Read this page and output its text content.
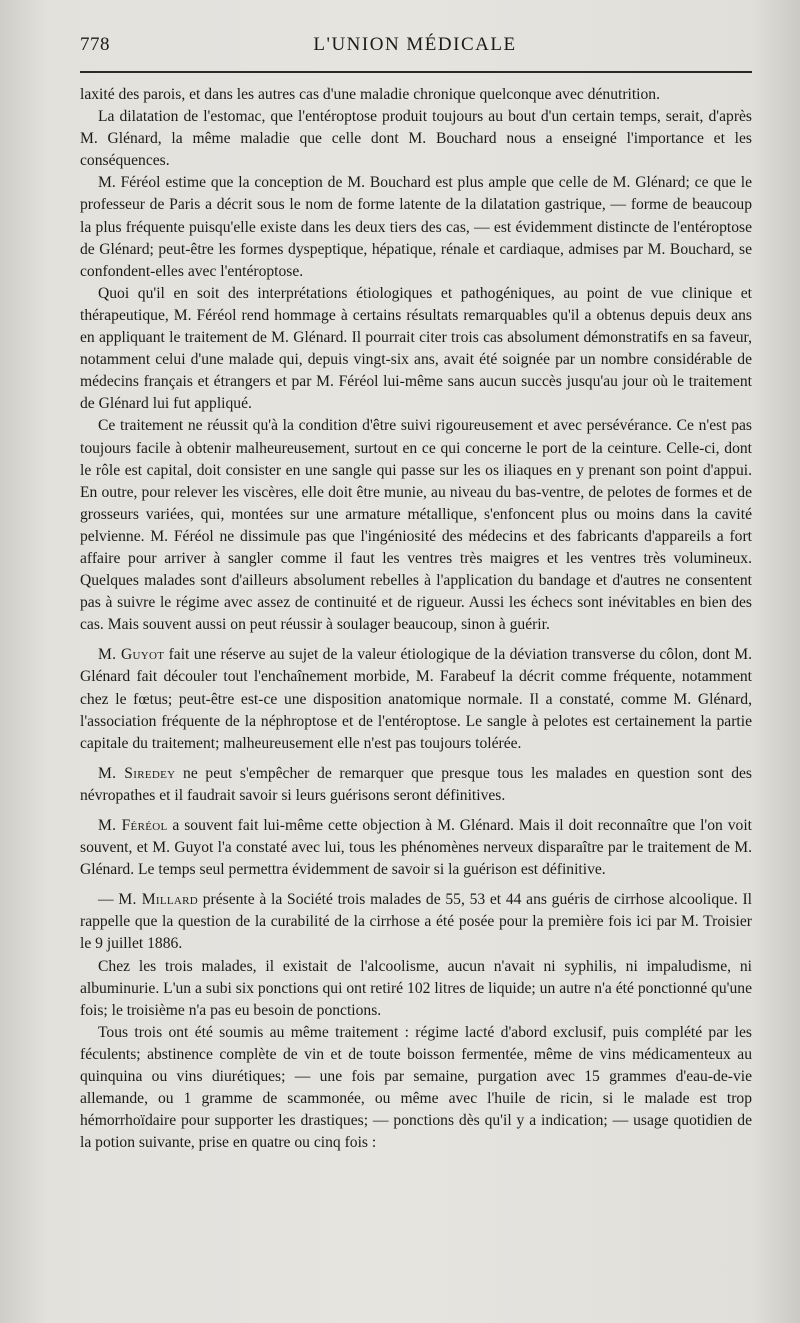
778	L'UNION MÉDICALE

laxité des parois, et dans les autres cas d'une maladie chronique quelconque avec dénutrition.

La dilatation de l'estomac, que l'entéroptose produit toujours au bout d'un certain temps, serait, d'après M. Glénard, la même maladie que celle dont M. Bouchard nous a enseigné l'importance et les conséquences.

M. Féréol estime que la conception de M. Bouchard est plus ample que celle de M. Glénard; ce que le professeur de Paris a décrit sous le nom de forme latente de la dilatation gastrique, — forme de beaucoup la plus fréquente puisqu'elle existe dans les deux tiers des cas, — est évidemment distincte de l'entéroptose de Glénard; peut-être les formes dyspeptique, hépatique, rénale et cardiaque, admises par M. Bouchard, se confondent-elles avec l'entéroptose.

Quoi qu'il en soit des interprétations étiologiques et pathogéniques, au point de vue clinique et thérapeutique, M. Féréol rend hommage à certains résultats remarquables qu'il a obtenus depuis deux ans en appliquant le traitement de M. Glénard. Il pourrait citer trois cas absolument démonstratifs en sa faveur, notamment celui d'une malade qui, depuis vingt-six ans, avait été soignée par un nombre considérable de médecins français et étrangers et par M. Féréol lui-même sans aucun succès jusqu'au jour où le traitement de Glénard lui fut appliqué.

Ce traitement ne réussit qu'à la condition d'être suivi rigoureusement et avec persévérance. Ce n'est pas toujours facile à obtenir malheureusement, surtout en ce qui concerne le port de la ceinture. Celle-ci, dont le rôle est capital, doit consister en une sangle qui passe sur les os iliaques en y prenant son point d'appui. En outre, pour relever les viscères, elle doit être munie, au niveau du bas-ventre, de pelotes de formes et de grosseurs variées, qui, montées sur une armature métallique, s'enfoncent plus ou moins dans la cavité pelvienne. M. Féréol ne dissimule pas que l'ingéniosité des médecins et des fabricants d'appareils a fort affaire pour arriver à sangler comme il faut les ventres très maigres et les ventres très volumineux. Quelques malades sont d'ailleurs absolument rebelles à l'application du bandage et d'autres ne consentent pas à suivre le régime avec assez de continuité et de rigueur. Aussi les échecs sont inévitables en bien des cas. Mais souvent aussi on peut réussir à soulager beaucoup, sinon à guérir.

M. Guyot fait une réserve au sujet de la valeur étiologique de la déviation transverse du côlon, dont M. Glénard fait découler tout l'enchaînement morbide, M. Farabeuf la décrit comme fréquente, notamment chez le fœtus; peut-être est-ce une disposition anatomique normale. Il a constaté, comme M. Glénard, l'association fréquente de la néphroptose et de l'entéroptose. Le sangle à pelotes est certainement la partie capitale du traitement; malheureusement elle n'est pas toujours tolérée.

M. Siredey ne peut s'empêcher de remarquer que presque tous les malades en question sont des névropathes et il faudrait savoir si leurs guérisons seront définitives.

M. Féréol a souvent fait lui-même cette objection à M. Glénard. Mais il doit reconnaître que l'on voit souvent, et M. Guyot l'a constaté avec lui, tous les phénomènes nerveux disparaître par le traitement de M. Glénard. Le temps seul permettra évidemment de savoir si la guérison est définitive.

— M. Millard présente à la Société trois malades de 55, 53 et 44 ans guéris de cirrhose alcoolique. Il rappelle que la question de la curabilité de la cirrhose a été posée pour la première fois ici par M. Troisier le 9 juillet 1886.

Chez les trois malades, il existait de l'alcoolisme, aucun n'avait ni syphilis, ni impaludisme, ni albuminurie. L'un a subi six ponctions qui ont retiré 102 litres de liquide; un autre n'a été ponctionné qu'une fois; le troisième n'a pas eu besoin de ponctions.

Tous trois ont été soumis au même traitement : régime lacté d'abord exclusif, puis complété par les féculents; abstinence complète de vin et de toute boisson fermentée, même de vins médicamenteux au quinquina ou vins diurétiques; — une fois par semaine, purgation avec 15 grammes d'eau-de-vie allemande, ou 1 gramme de scammonée, ou même avec l'huile de ricin, si le malade est trop hémorrhoïdaire pour supporter les drastiques; — ponctions dès qu'il y a indication; — usage quotidien de la potion suivante, prise en quatre ou cinq fois :
